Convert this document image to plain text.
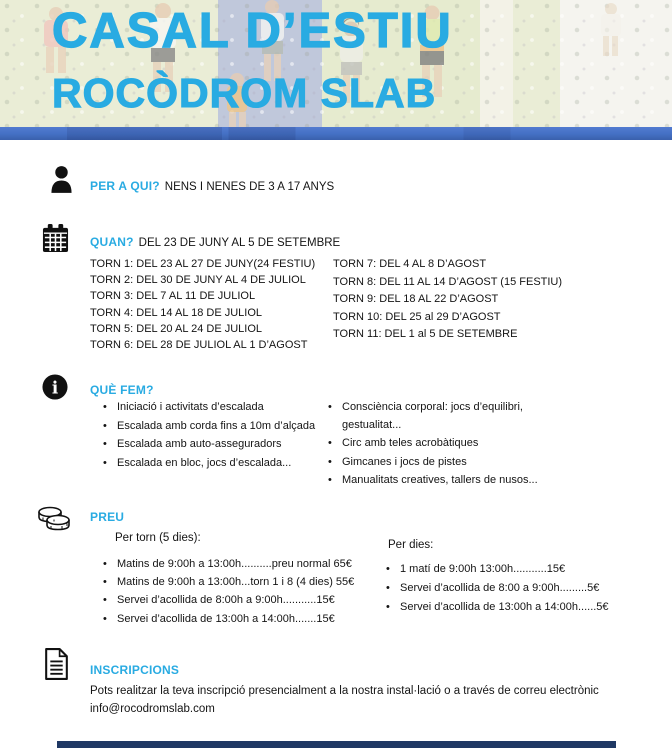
CASAL D’ESTIU
ROCÒDROM SLAB
PER A QUI? NENS I NENES DE 3 A 17 ANYS
QUAN? DEL 23 DE JUNY AL 5 DE SETEMBRE
TORN 1: DEL 23 AL 27 DE JUNY(24 FESTIU)
TORN 2: DEL 30 DE JUNY AL 4 DE JULIOL
TORN 3: DEL 7 AL 11 DE JULIOL
TORN 4: DEL 14 AL 18 DE JULIOL
TORN 5: DEL 20 AL 24 DE JULIOL
TORN 6: DEL 28 DE JULIOL AL 1 D’AGOST
TORN 7: DEL 4 AL 8 D’AGOST
TORN 8: DEL 11 AL 14 D’AGOST (15 FESTIU)
TORN 9: DEL 18 AL 22 D’AGOST
TORN 10: DEL 25 al 29 D’AGOST
TORN 11: DEL 1 al 5 DE SETEMBRE
i	QUÈ FEM?
• Iniciació i activitats d’escalada
• Escalada amb corda fins a 10m d’alçada
• Escalada amb auto-asseguradors
• Escalada en bloc, jocs d’escalada...
• Consciència corporal: jocs d’equilibri, gestualitat...
• Circ amb teles acrobàtiques
• Gimcanes i jocs de pistes
• Manualitats creatives, tallers de nusos...
PREU
Per torn (5 dies):
• Matins de 9:00h a 13:00h..........preu normal 65€
• Matins de 9:00h a 13:00h...torn 1 i 8 (4 dies) 55€
• Servei d’acollida de 8:00h a 9:00h...........15€
• Servei d’acollida de 13:00h a 14:00h.......15€
Per dies:
• 1 matí de 9:00h 13:00h...........15€
• Servei d’acollida de 8:00 a 9:00h.........5€
• Servei d’acollida de 13:00h a 14:00h......5€
INSCRIPCIONS
Pots realitzar la teva inscripció presencialment a la nostra instal·lació o a través de correu electrònic info@rocodromslab.com
